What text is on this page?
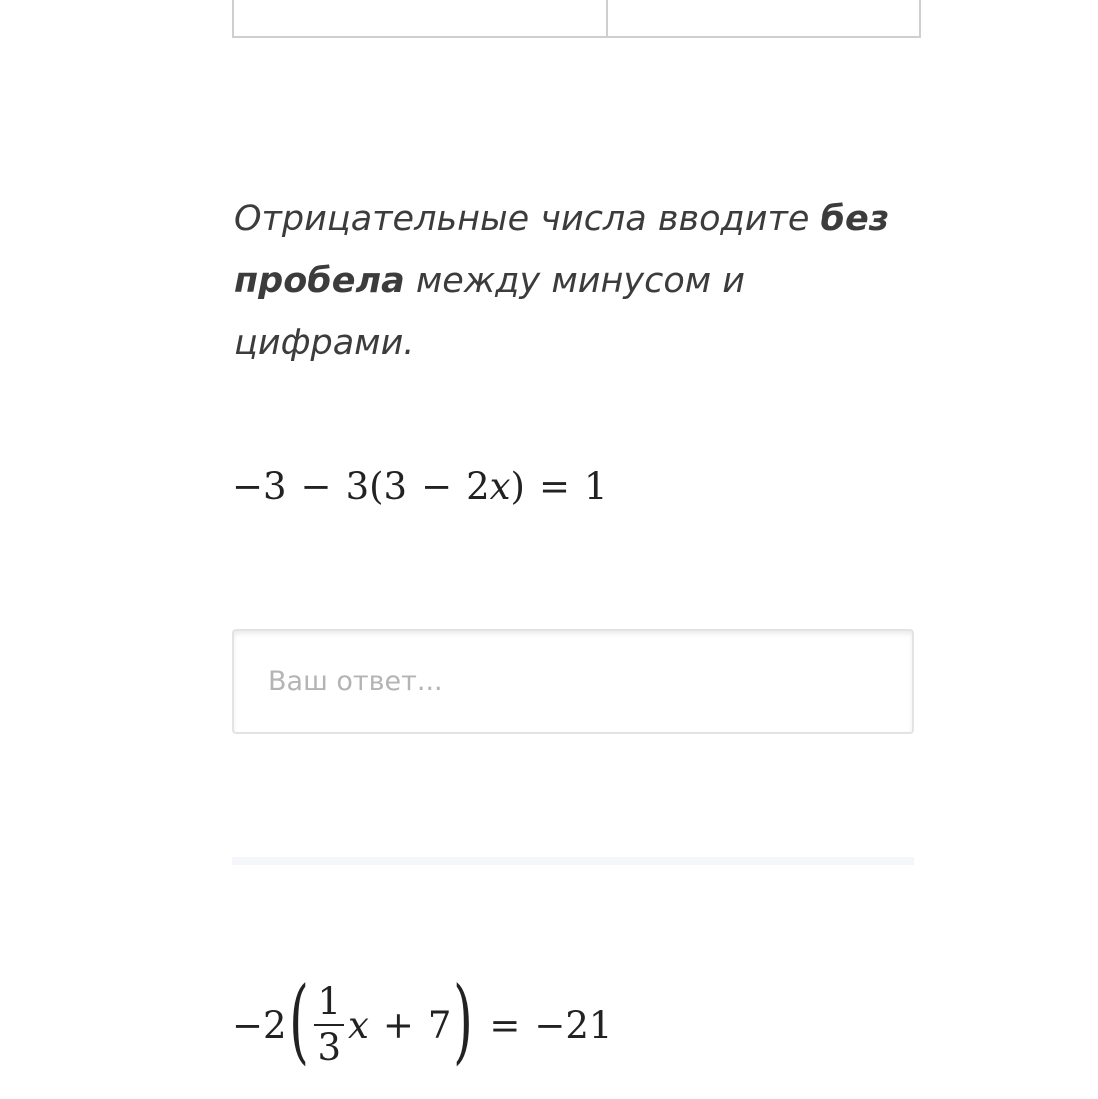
Отрицательные числа вводите без пробела между минусом и цифрами.

−3 − 3(3 − 2x) = 1
Ваш ответ...
−2 ( $\frac{1}{3}$ x + 7 ) = −21
